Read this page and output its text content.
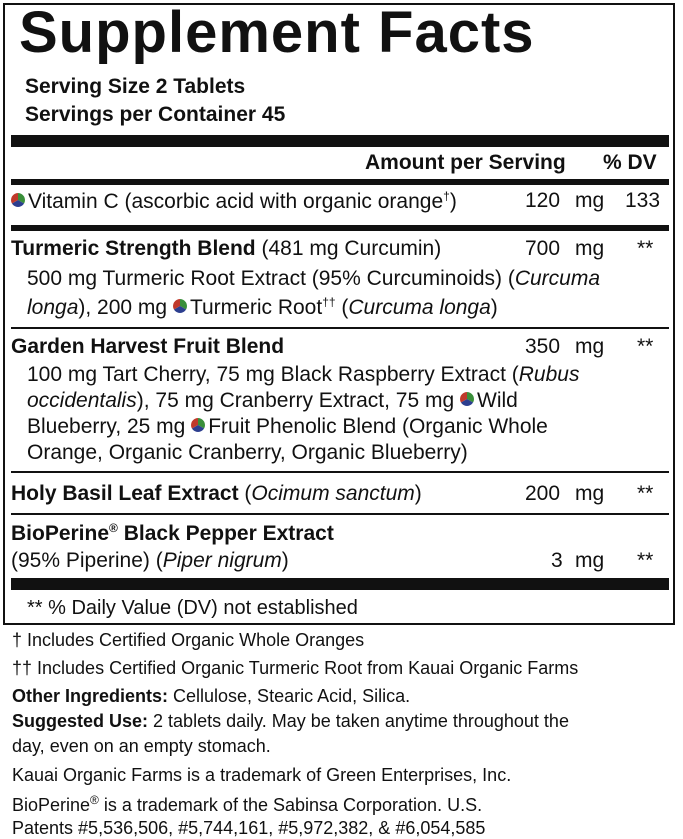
Supplement Facts
Serving Size 2 Tablets
Servings per Container 45
Amount per Serving % DV
Vitamin C (ascorbic acid with organic orange†)	120 mg 133
Turmeric Strength Blend (481 mg Curcumin)	700 mg **
500 mg Turmeric Root Extract (95% Curcuminoids) (Curcuma
longa), 200 mg Turmeric Root†† (Curcuma longa)
Garden Harvest Fruit Blend	350 mg **
100 mg Tart Cherry, 75 mg Black Raspberry Extract (Rubus
occidentalis), 75 mg Cranberry Extract, 75 mg Wild
Blueberry, 25 mg Fruit Phenolic Blend (Organic Whole
Orange, Organic Cranberry, Organic Blueberry)
Holy Basil Leaf Extract (Ocimum sanctum)	200 mg **
BioPerine® Black Pepper Extract
(95% Piperine) (Piper nigrum)	3 mg **
** % Daily Value (DV) not established
† Includes Certified Organic Whole Oranges
†† Includes Certified Organic Turmeric Root from Kauai Organic Farms
Other Ingredients: Cellulose, Stearic Acid, Silica.
Suggested Use: 2 tablets daily. May be taken anytime throughout the
day, even on an empty stomach.
Kauai Organic Farms is a trademark of Green Enterprises, Inc.
BioPerine® is a trademark of the Sabinsa Corporation. U.S.
Patents #5,536,506, #5,744,161, #5,972,382, & #6,054,585
